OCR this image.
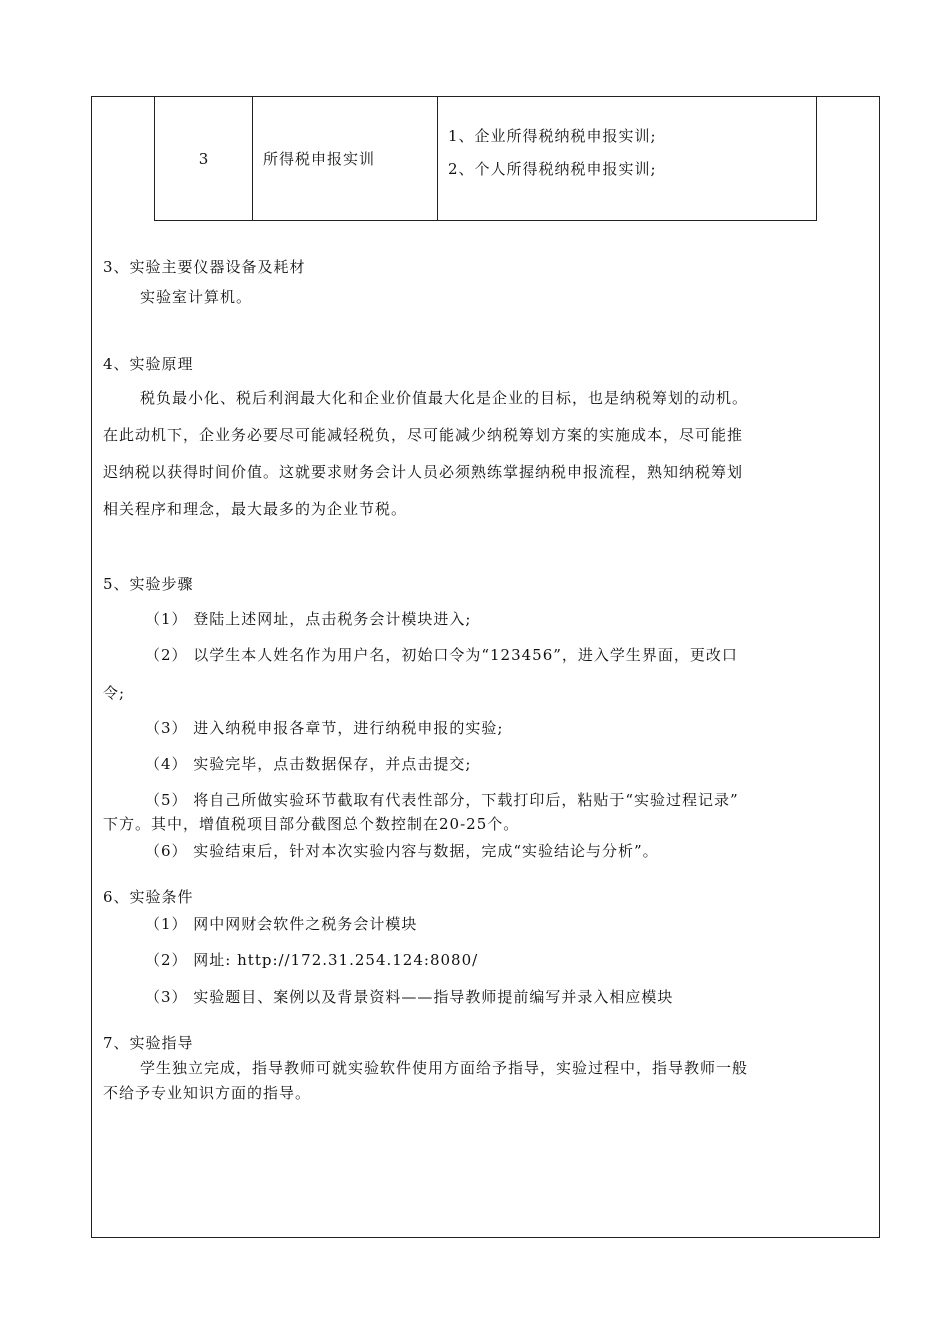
3	所得税申报实训
1、企业所得税纳税申报实训;
2、个人所得税纳税申报实训;
3、实验主要仪器设备及耗材
实验室计算机。
4、实验原理
税负最小化、税后利润最大化和企业价值最大化是企业的目标，也是纳税筹划的动机。
在此动机下，企业务必要尽可能减轻税负，尽可能减少纳税筹划方案的实施成本，尽可能推
迟纳税以获得时间价值。这就要求财务会计人员必须熟练掌握纳税申报流程，熟知纳税筹划
相关程序和理念，最大最多的为企业节税。
5、实验步骤
（1） 登陆上述网址，点击税务会计模块进入;
（2） 以学生本人姓名作为用户名，初始口令为“123456”，进入学生界面，更改口
令;
（3） 进入纳税申报各章节，进行纳税申报的实验;
（4） 实验完毕，点击数据保存，并点击提交;
（5） 将自己所做实验环节截取有代表性部分，下载打印后，粘贴于“实验过程记录”
下方。其中，增值税项目部分截图总个数控制在20-25个。
（6） 实验结束后，针对本次实验内容与数据，完成“实验结论与分析”。
6、实验条件
（1） 网中网财会软件之税务会计模块
（2） 网址: http://172.31.254.124:8080/
（3） 实验题目、案例以及背景资料——指导教师提前编写并录入相应模块
7、实验指导
学生独立完成，指导教师可就实验软件使用方面给予指导，实验过程中，指导教师一般
不给予专业知识方面的指导。
